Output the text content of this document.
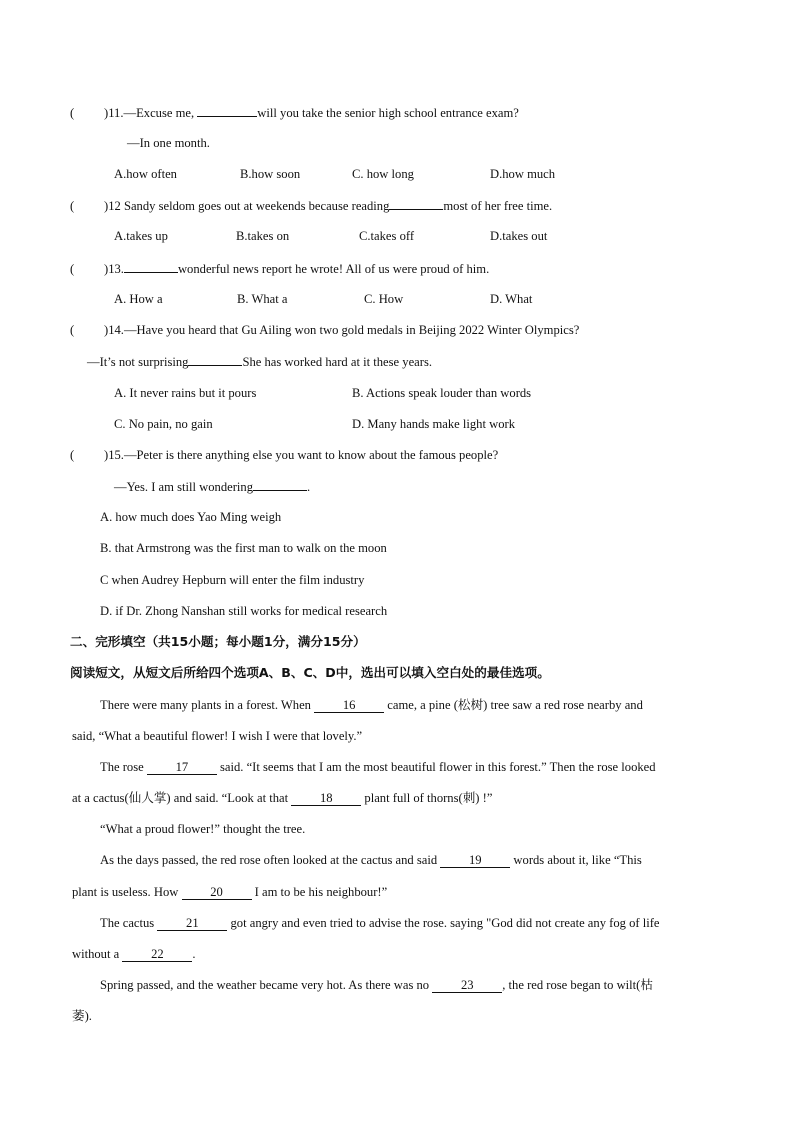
( )11.—Excuse me,	will you take the senior high school entrance exam?
—In one month.
A.how often	B.how soon	C. how long	D.how much
( )12 Sandy seldom goes out at weekends because reading	most of her free time.
A.takes up	B.takes on	C.takes off	D.takes out
( )13.	wonderful news report he wrote! All of us were proud of him.
A. How a	B. What a	C. How	D. What
( )14.—Have you heard that Gu Ailing won two gold medals in Beijing 2022 Winter Olympics?
—It’s not surprising	She has worked hard at it these years.
A. It never rains but it pours	B. Actions speak louder than words
C. No pain, no gain	D. Many hands make light work
( )15.—Peter is there anything else you want to know about the famous people?
—Yes. I am still wondering	.
A. how much does Yao Ming weigh
B. that Armstrong was the first man to walk on the moon
C when Audrey Hepburn will enter the film industry
D. if Dr. Zhong Nanshan still works for medical research
二、完形填空（共15小题；每小题1分，满分15分）
阅读短文，从短文后所给四个选项A、B、C、D中，选出可以填入空白处的最佳选项。
There were many plants in a forest. When 16 came, a pine (松树) tree saw a red rose nearby and
said, “What a beautiful flower! I wish I were that lovely.”
The rose 17 said. “It seems that I am the most beautiful flower in this forest.” Then the rose looked
at a cactus(仙人掌) and said. “Look at that 18 plant full of thorns(刺) !”
“What a proud flower!” thought the tree.
As the days passed, the red rose often looked at the cactus and said 19 words about it, like “This
plant is useless. How 20 I am to be his neighbour!”
The cactus 21 got angry and even tried to advise the rose. saying "God did not create any fog of life
without a 22 .
Spring passed, and the weather became very hot. As there was no 23 , the red rose began to wilt(枯
萎).
